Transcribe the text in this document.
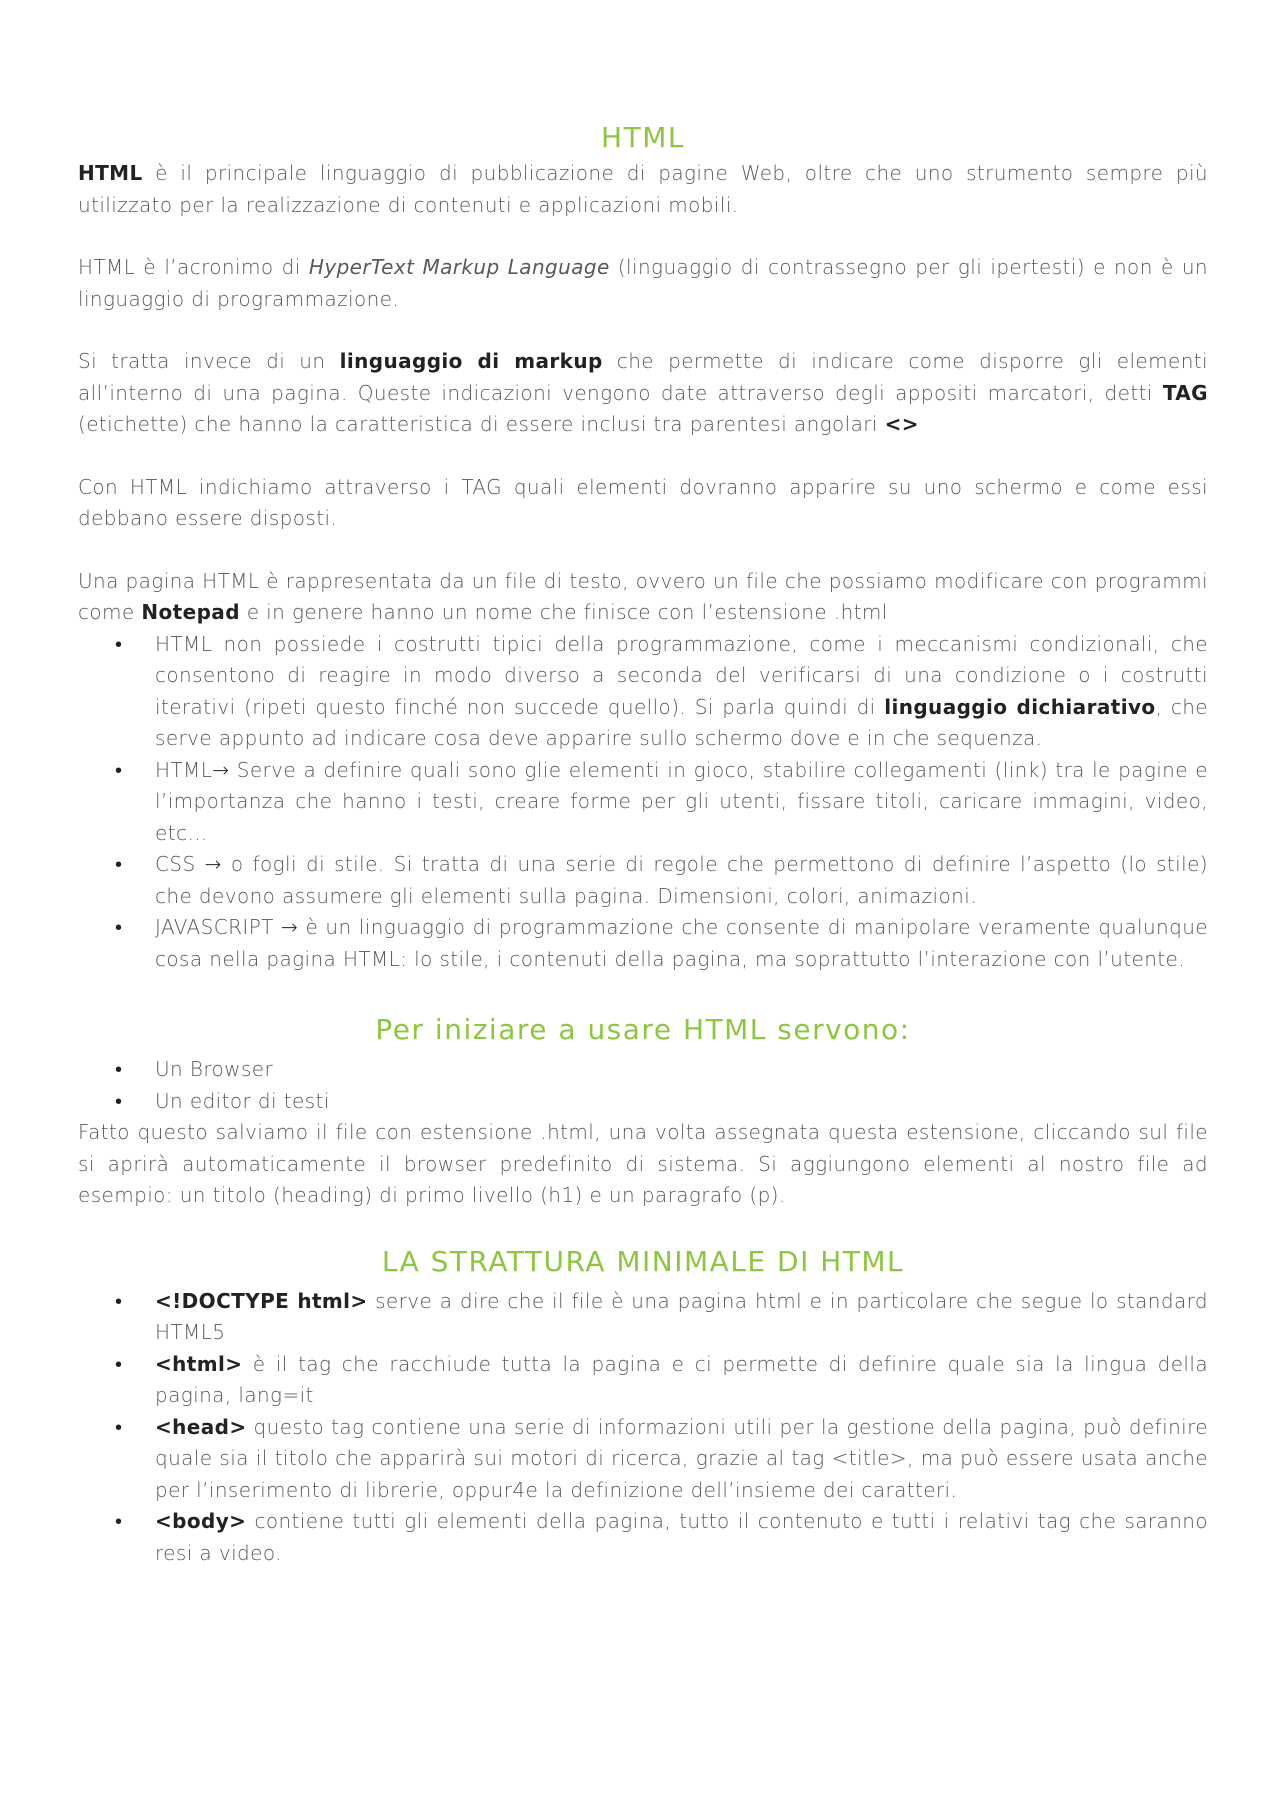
HTML

HTML è il principale linguaggio di pubblicazione di pagine Web, oltre che uno strumento sempre più utilizzato per la realizzazione di contenuti e applicazioni mobili.

HTML è l’acronimo di HyperText Markup Language (linguaggio di contrassegno per gli ipertesti) e non è un linguaggio di programmazione.

Si tratta invece di un linguaggio di markup che permette di indicare come disporre gli elementi all’interno di una pagina. Queste indicazioni vengono date attraverso degli appositi marcatori, detti TAG (etichette) che hanno la caratteristica di essere inclusi tra parentesi angolari <>

Con HTML indichiamo attraverso i TAG quali elementi dovranno apparire su uno schermo e come essi debbano essere disposti.

Una pagina HTML è rappresentata da un file di testo, ovvero un file che possiamo modificare con programmi come Notepad e in genere hanno un nome che finisce con l’estensione .html

• HTML non possiede i costrutti tipici della programmazione, come i meccanismi condizionali, che consentono di reagire in modo diverso a seconda del verificarsi di una condizione o i costrutti iterativi (ripeti questo finché non succede quello). Si parla quindi di linguaggio dichiarativo, che serve appunto ad indicare cosa deve apparire sullo schermo dove e in che sequenza.
• HTML→ Serve a definire quali sono glie elementi in gioco, stabilire collegamenti (link) tra le pagine e l’importanza che hanno i testi, creare forme per gli utenti, fissare titoli, caricare immagini, video, etc…
• CSS → o fogli di stile. Si tratta di una serie di regole che permettono di definire l’aspetto (lo stile) che devono assumere gli elementi sulla pagina. Dimensioni, colori, animazioni.
• JAVASCRIPT → è un linguaggio di programmazione che consente di manipolare veramente qualunque cosa nella pagina HTML: lo stile, i contenuti della pagina, ma soprattutto l’interazione con l’utente.
Per iniziare a usare HTML servono:
• Un Browser
• Un editor di testi

Fatto questo salviamo il file con estensione .html, una volta assegnata questa estensione, cliccando sul file si aprirà automaticamente il browser predefinito di sistema. Si aggiungono elementi al nostro file ad esempio: un titolo (heading) di primo livello (h1) e un paragrafo (p).

LA STRATTURA MINIMALE DI HTML
• <!DOCTYPE html> serve a dire che il file è una pagina html e in particolare che segue lo standard HTML5
• <html> è il tag che racchiude tutta la pagina e ci permette di definire quale sia la lingua della pagina, lang=it
• <head> questo tag contiene una serie di informazioni utili per la gestione della pagina, può definire quale sia il titolo che apparirà sui motori di ricerca, grazie al tag <title>, ma può essere usata anche per l’inserimento di librerie, oppur4e la definizione dell’insieme dei caratteri.
• <body> contiene tutti gli elementi della pagina, tutto il contenuto e tutti i relativi tag che saranno resi a video.
